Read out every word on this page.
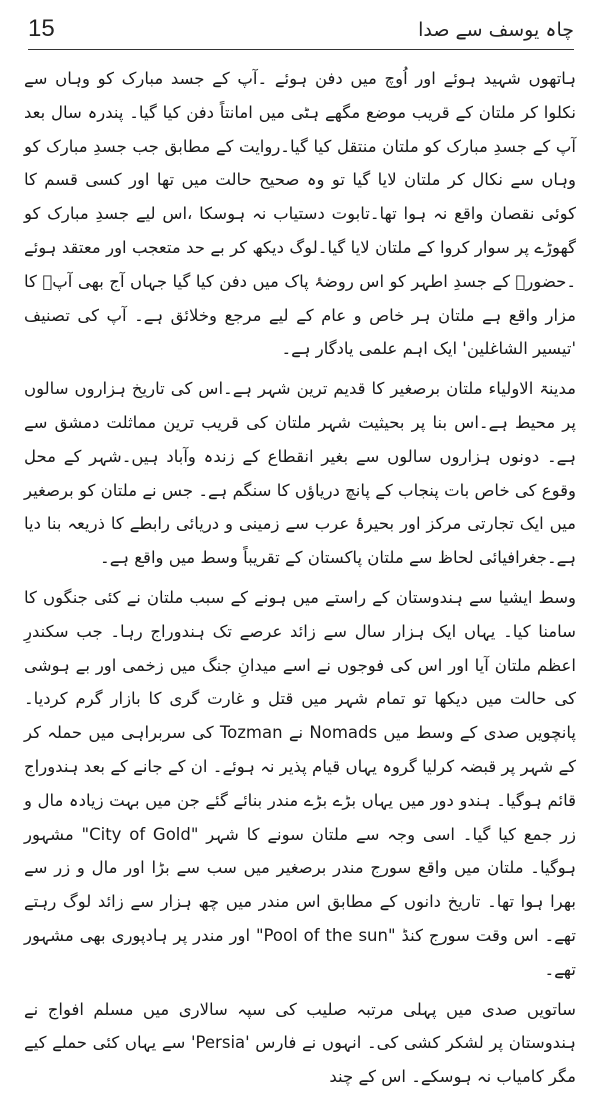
15	چاہ یوسف سے صدا

ہاتھوں شہید ہوئے اور اُوچ میں دفن ہوئے ۔آپ کے جسد مبارک کو وہاں سے نکلوا کر ملتان کے قریب موضع مگھے ہٹی میں امانتاً دفن کیا گیا۔ پندرہ سال بعد آپ کے جسدِ مبارک کو ملتان منتقل کیا گیا۔روایت کے مطابق جب جسدِ مبارک کو وہاں سے نکال کر ملتان لایا گیا تو وہ صحیح حالت میں تھا اور کسی قسم کا کوئی نقصان واقع نہ ہوا تھا۔تابوت دستیاب نہ ہوسکا ،اس لیے جسدِ مبارک کو گھوڑے پر سوار کروا کے ملتان لایا گیا۔لوگ دیکھ کر بے حد متعجب اور معتقد ہوئے ۔حضورؐ کے جسدِ اطہر کو اس روضۂ پاک میں دفن کیا گیا جہاں آج بھی آپؒ کا مزار واقع ہے ملتان ہر خاص و عام کے لیے مرجع وخلائق ہے۔ آپ کی تصنیف 'تیسیر الشاغلین' ایک اہم علمی یادگار ہے۔

مدینۃ الاولیاء ملتان برصغیر کا قدیم ترین شہر ہے۔اس کی تاریخ ہزاروں سالوں پر محیط ہے۔اس بنا پر بحیثیت شہر ملتان کی قریب ترین مماثلت دمشق سے ہے۔ دونوں ہزاروں سالوں سے بغیر انقطاع کے زندہ وآباد ہیں۔شہر کے محل وقوع کی خاص بات پنجاب کے پانچ دریاؤں کا سنگم ہے۔ جس نے ملتان کو برصغیر میں ایک تجارتی مرکز اور بحیرۂ عرب سے زمینی و دریائی رابطے کا ذریعہ بنا دیا ہے۔جغرافیائی لحاظ سے ملتان پاکستان کے تقریباً وسط میں واقع ہے۔

وسط ایشیا سے ہندوستان کے راستے میں ہونے کے سبب ملتان نے کئی جنگوں کا سامنا کیا۔ یہاں ایک ہزار سال سے زائد عرصے تک ہندوراج رہا۔ جب سکندرِ اعظم ملتان آیا اور اس کی فوجوں نے اسے میدانِ جنگ میں زخمی اور بے ہوشی کی حالت میں دیکھا تو تمام شہر میں قتل و غارت گری کا بازار گرم کردیا۔ پانچویں صدی کے وسط میں Nomads نے Tozman کی سربراہی میں حملہ کر کے شہر پر قبضہ کرلیا گروہ یہاں قیام پذیر نہ ہوئے۔ ان کے جانے کے بعد ہندوراج قائم ہوگیا۔ ہندو دور میں یہاں بڑے بڑے مندر بنائے گئے جن میں بہت زیادہ مال و زر جمع کیا گیا۔ اسی وجہ سے ملتان سونے کا شہر "City of Gold" مشہور ہوگیا۔ ملتان میں واقع سورج مندر برصغیر میں سب سے بڑا اور مال و زر سے بھرا ہوا تھا۔ تاریخ دانوں کے مطابق اس مندر میں چھ ہزار سے زائد لوگ رہتے تھے۔ اس وقت سورج کنڈ "Pool of the sun" اور مندر پر ہادپوری بھی مشہور تھے۔

ساتویں صدی میں پہلی مرتبہ صلیب کی سپہ سالاری میں مسلم افواج نے ہندوستان پر لشکر کشی کی۔ انہوں نے فارس 'Persia' سے یہاں کئی حملے کیے مگر کامیاب نہ ہوسکے۔ اس کے چند
